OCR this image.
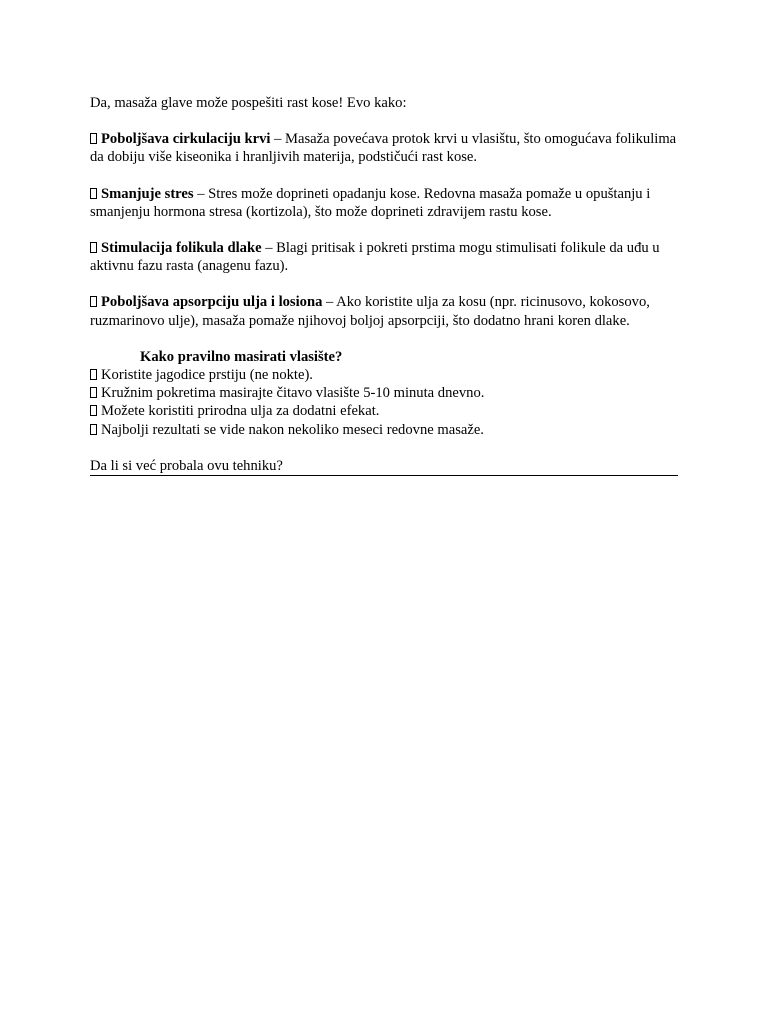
Da, masaža glave može pospešiti rast kose! Evo kako:

Poboljšava cirkulaciju krvi – Masaža povećava protok krvi u vlasištu, što omogućava folikulima da dobiju više kiseonika i hranljivih materija, podstičući rast kose.

Smanjuje stres – Stres može doprineti opadanju kose. Redovna masaža pomaže u opuštanju i smanjenju hormona stresa (kortizola), što može doprineti zdravijem rastu kose.

Stimulacija folikula dlake – Blagi pritisak i pokreti prstima mogu stimulisati folikule da uđu u aktivnu fazu rasta (anagenu fazu).

Poboljšava apsorpciju ulja i losiona – Ako koristite ulja za kosu (npr. ricinusovo, kokosovo, ruzmarinovo ulje), masaža pomaže njihovoj boljoj apsorpciji, što dodatno hrani koren dlake.

Kako pravilno masirati vlasište?

Koristite jagodice prstiju (ne nokte).

Kružnim pokretima masirajte čitavo vlasište 5-10 minuta dnevno.

Možete koristiti prirodna ulja za dodatni efekat.

Najbolji rezultati se vide nakon nekoliko meseci redovne masaže.

Da li si već probala ovu tehniku?
